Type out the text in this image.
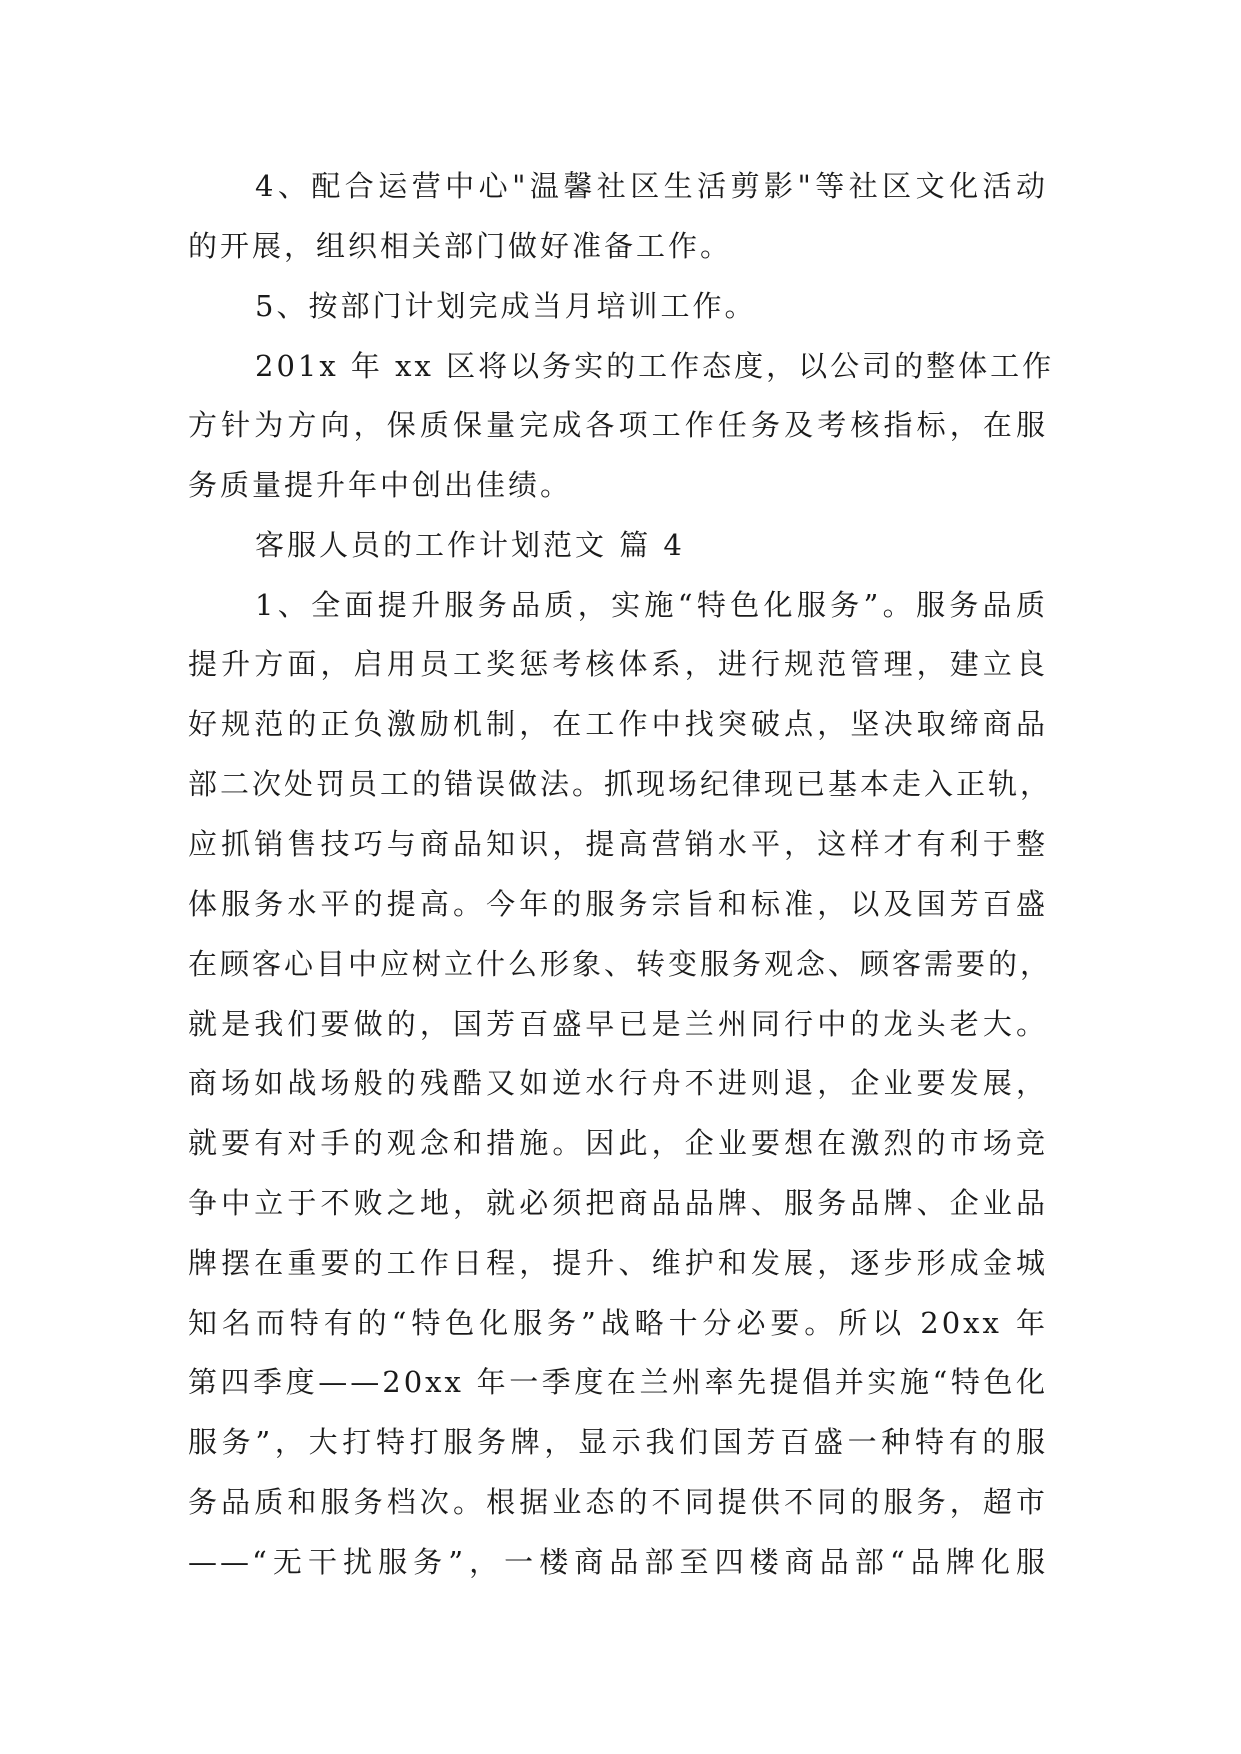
4、配合运营中心"温馨社区生活剪影"等社区文化活动
的开展，组织相关部门做好准备工作。
5、按部门计划完成当月培训工作。
201x 年 xx 区将以务实的工作态度，以公司的整体工作
方针为方向，保质保量完成各项工作任务及考核指标，在服
务质量提升年中创出佳绩。
客服人员的工作计划范文 篇 4
1、全面提升服务品质，实施“特色化服务”。服务品质
提升方面，启用员工奖惩考核体系，进行规范管理，建立良
好规范的正负激励机制，在工作中找突破点，坚决取缔商品
部二次处罚员工的错误做法。抓现场纪律现已基本走入正轨，
应抓销售技巧与商品知识，提高营销水平，这样才有利于整
体服务水平的提高。今年的服务宗旨和标准，以及国芳百盛
在顾客心目中应树立什么形象、转变服务观念、顾客需要的，
就是我们要做的，国芳百盛早已是兰州同行中的龙头老大。
商场如战场般的残酷又如逆水行舟不进则退，企业要发展，
就要有对手的观念和措施。因此，企业要想在激烈的市场竞
争中立于不败之地，就必须把商品品牌、服务品牌、企业品
牌摆在重要的工作日程，提升、维护和发展，逐步形成金城
知名而特有的“特色化服务”战略十分必要。所以 20xx 年
第四季度——20xx 年一季度在兰州率先提倡并实施“特色化
服务”，大打特打服务牌，显示我们国芳百盛一种特有的服
务品质和服务档次。根据业态的不同提供不同的服务，超市
——“无干扰服务”，一楼商品部至四楼商品部“品牌化服
